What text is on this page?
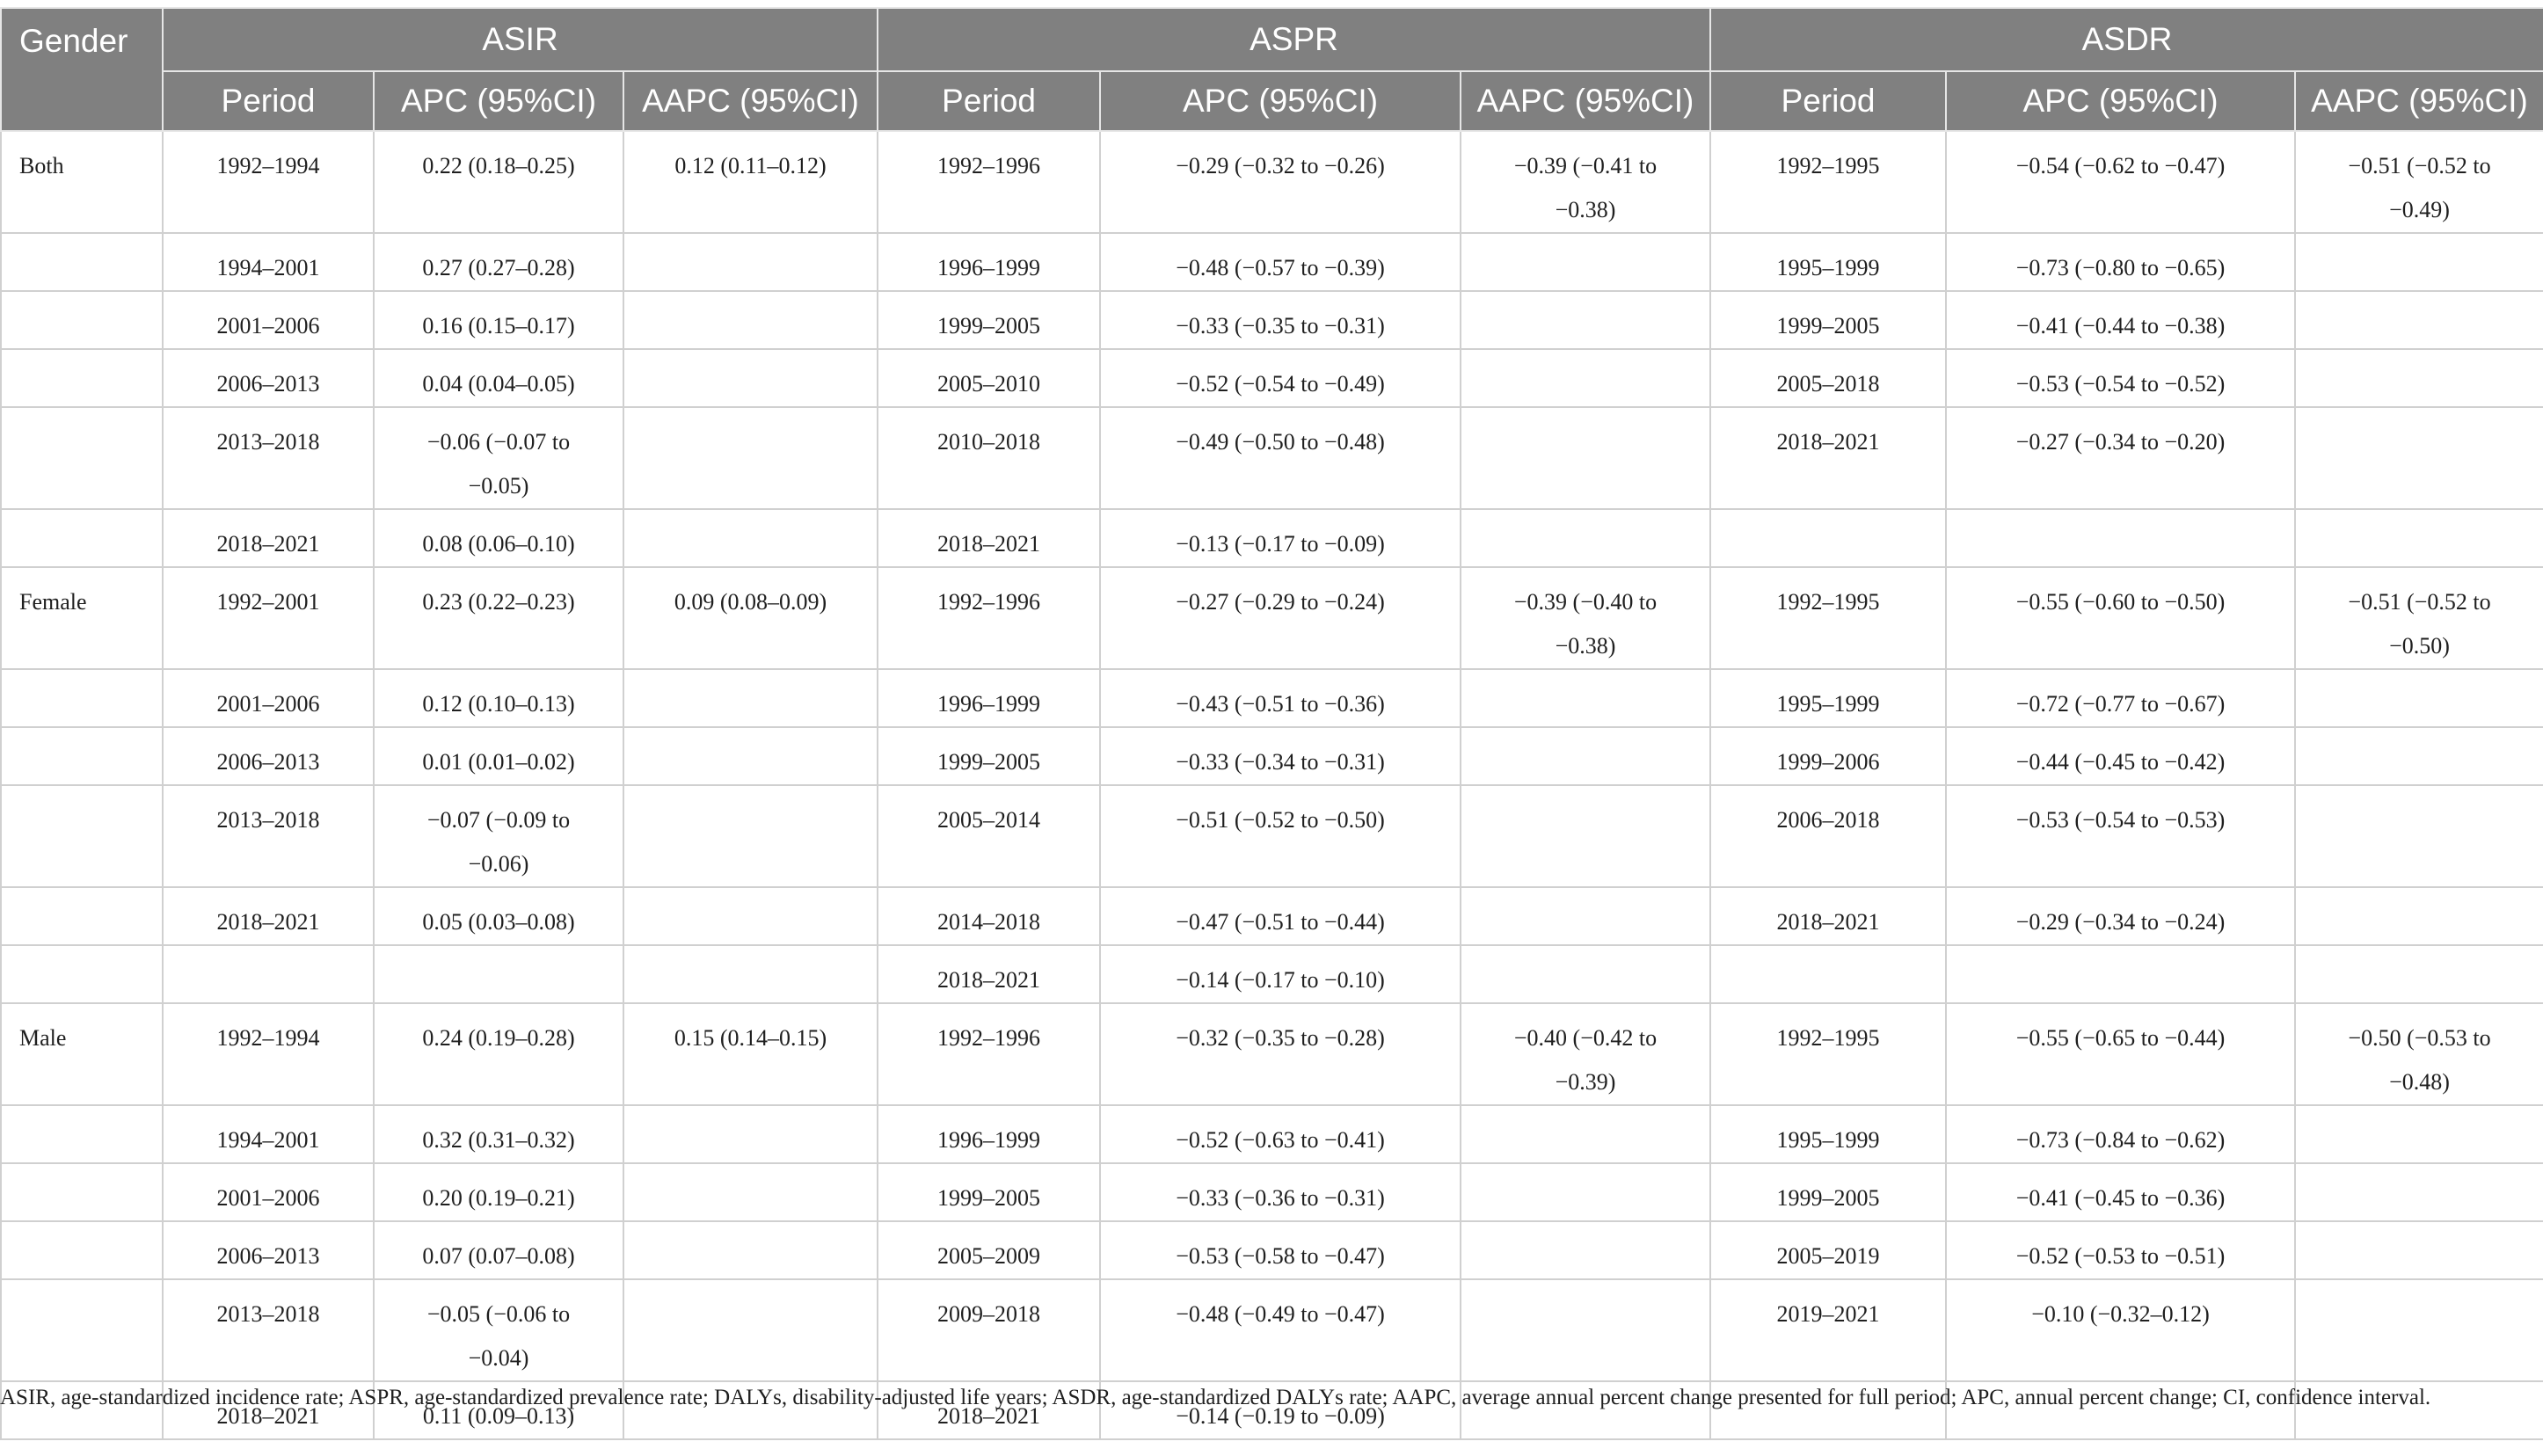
Gender	ASIR			ASPR			ASDR		
	Period	APC (95%CI)	AAPC (95%CI)	Period	APC (95%CI)	AAPC (95%CI)	Period	APC (95%CI)	AAPC (95%CI)
Both	1992–1994	0.22 (0.18–0.25)	0.12 (0.11–0.12)	1992–1996	−0.29 (−0.32 to −0.26)	−0.39 (−0.41 to −0.38)	1992–1995	−0.54 (−0.62 to −0.47)	−0.51 (−0.52 to −0.49)
	1994–2001	0.27 (0.27–0.28)		1996–1999	−0.48 (−0.57 to −0.39)		1995–1999	−0.73 (−0.80 to −0.65)	
	2001–2006	0.16 (0.15–0.17)		1999–2005	−0.33 (−0.35 to −0.31)		1999–2005	−0.41 (−0.44 to −0.38)	
	2006–2013	0.04 (0.04–0.05)		2005–2010	−0.52 (−0.54 to −0.49)		2005–2018	−0.53 (−0.54 to −0.52)	
	2013–2018	−0.06 (−0.07 to −0.05)		2010–2018	−0.49 (−0.50 to −0.48)		2018–2021	−0.27 (−0.34 to −0.20)	
	2018–2021	0.08 (0.06–0.10)		2018–2021	−0.13 (−0.17 to −0.09)				
Female	1992–2001	0.23 (0.22–0.23)	0.09 (0.08–0.09)	1992–1996	−0.27 (−0.29 to −0.24)	−0.39 (−0.40 to −0.38)	1992–1995	−0.55 (−0.60 to −0.50)	−0.51 (−0.52 to −0.50)
	2001–2006	0.12 (0.10–0.13)		1996–1999	−0.43 (−0.51 to −0.36)		1995–1999	−0.72 (−0.77 to −0.67)	
	2006–2013	0.01 (0.01–0.02)		1999–2005	−0.33 (−0.34 to −0.31)		1999–2006	−0.44 (−0.45 to −0.42)	
	2013–2018	−0.07 (−0.09 to −0.06)		2005–2014	−0.51 (−0.52 to −0.50)		2006–2018	−0.53 (−0.54 to −0.53)	
	2018–2021	0.05 (0.03–0.08)		2014–2018	−0.47 (−0.51 to −0.44)		2018–2021	−0.29 (−0.34 to −0.24)	
				2018–2021	−0.14 (−0.17 to −0.10)				
Male	1992–1994	0.24 (0.19–0.28)	0.15 (0.14–0.15)	1992–1996	−0.32 (−0.35 to −0.28)	−0.40 (−0.42 to −0.39)	1992–1995	−0.55 (−0.65 to −0.44)	−0.50 (−0.53 to −0.48)
	1994–2001	0.32 (0.31–0.32)		1996–1999	−0.52 (−0.63 to −0.41)		1995–1999	−0.73 (−0.84 to −0.62)	
	2001–2006	0.20 (0.19–0.21)		1999–2005	−0.33 (−0.36 to −0.31)		1999–2005	−0.41 (−0.45 to −0.36)	
	2006–2013	0.07 (0.07–0.08)		2005–2009	−0.53 (−0.58 to −0.47)		2005–2019	−0.52 (−0.53 to −0.51)	
	2013–2018	−0.05 (−0.06 to −0.04)		2009–2018	−0.48 (−0.49 to −0.47)		2019–2021	−0.10 (−0.32–0.12)	
	2018–2021	0.11 (0.09–0.13)		2018–2021	−0.14 (−0.19 to −0.09)				
ASIR, age-standardized incidence rate; ASPR, age-standardized prevalence rate; DALYs, disability-adjusted life years; ASDR, age-standardized DALYs rate; AAPC, average annual percent change presented for full period; APC, annual percent change; CI, confidence interval.
